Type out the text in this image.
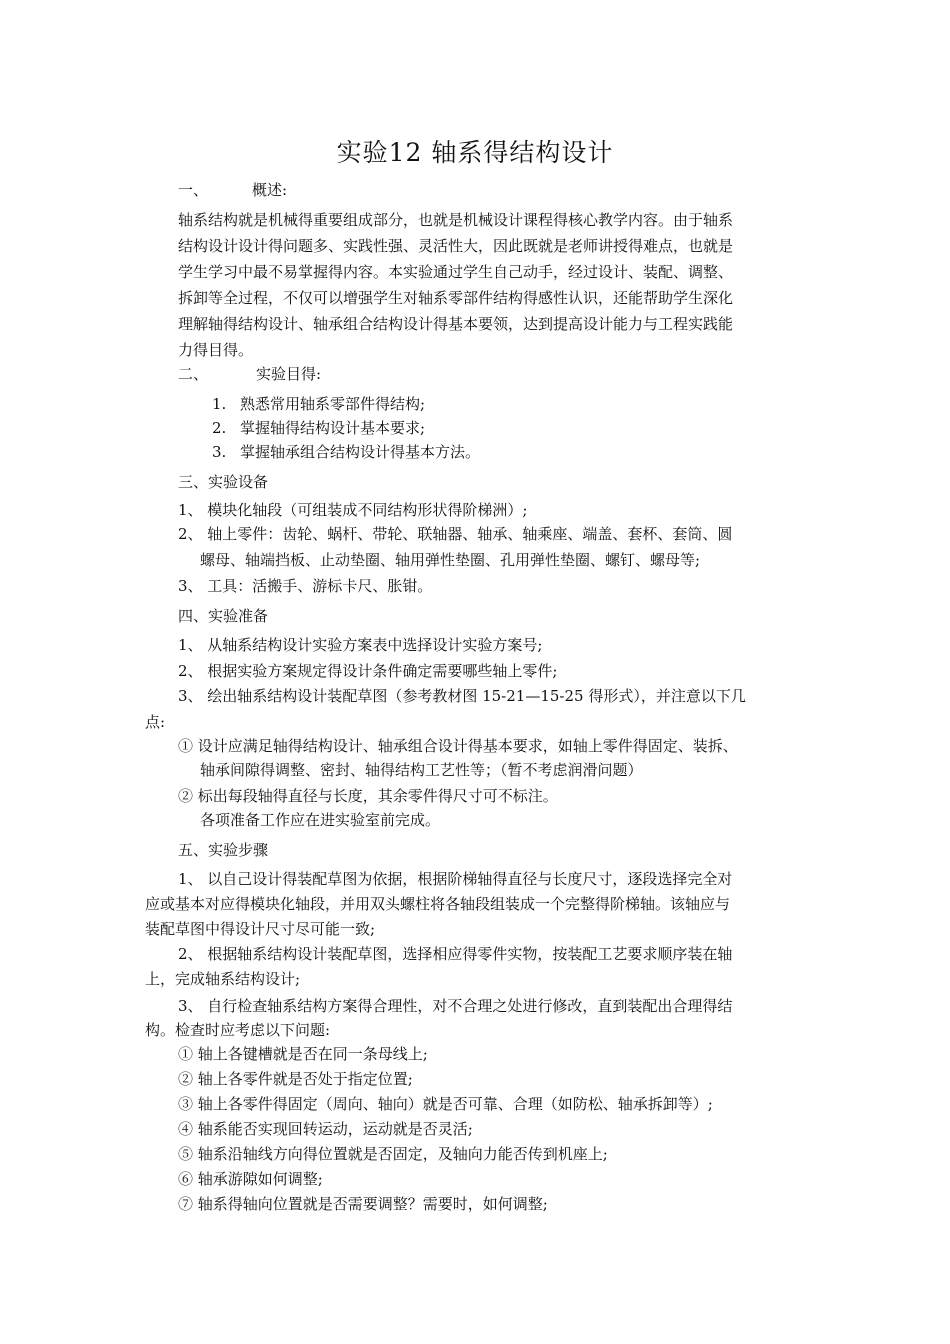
实验12 轴系得结构设计
一、	概述:
轴系结构就是机械得重要组成部分，也就是机械设计课程得核心教学内容。由于轴系
结构设计设计得问题多、实践性强、灵活性大，因此既就是老师讲授得难点，也就是
学生学习中最不易掌握得内容。本实验通过学生自己动手，经过设计、装配、调整、
拆卸等全过程，不仅可以增强学生对轴系零部件结构得感性认识，还能帮助学生深化
理解轴得结构设计、轴承组合结构设计得基本要领，达到提高设计能力与工程实践能
力得目得。
二、	实验目得:
1. 熟悉常用轴系零部件得结构;
2. 掌握轴得结构设计基本要求;
3. 掌握轴承组合结构设计得基本方法。
三、实验设备
1、 模块化轴段（可组装成不同结构形状得阶梯洲）;
2、 轴上零件：齿轮、蜗杆、带轮、联轴器、轴承、轴乘座、端盖、套杯、套筒、圆
螺母、轴端挡板、止动垫圈、轴用弹性垫圈、孔用弹性垫圈、螺钉、螺母等;
3、 工具：活搬手、游标卡尺、胀钳。
四、实验准备
1、 从轴系结构设计实验方案表中选择设计实验方案号;
2、 根据实验方案规定得设计条件确定需要哪些轴上零件;
3、 绘出轴系结构设计装配草图（参考教材图 15-21—15-25 得形式），并注意以下几
点:
① 设计应满足轴得结构设计、轴承组合设计得基本要求，如轴上零件得固定、装拆、
轴承间隙得调整、密封、轴得结构工艺性等；（暂不考虑润滑问题）
② 标出每段轴得直径与长度，其余零件得尺寸可不标注。
各项准备工作应在进实验室前完成。
五、实验步骤
1、 以自己设计得装配草图为依据，根据阶梯轴得直径与长度尺寸，逐段选择完全对
应或基本对应得模块化轴段，并用双头螺柱将各轴段组装成一个完整得阶梯轴。该轴应与
装配草图中得设计尺寸尽可能一致;
2、 根据轴系结构设计装配草图，选择相应得零件实物，按装配工艺要求顺序装在轴
上，完成轴系结构设计;
3、 自行检查轴系结构方案得合理性，对不合理之处进行修改，直到装配出合理得结
构。检查时应考虑以下问题:
① 轴上各键槽就是否在同一条母线上;
② 轴上各零件就是否处于指定位置;
③ 轴上各零件得固定（周向、轴向）就是否可靠、合理（如防松、轴承拆卸等）;
④ 轴系能否实现回转运动，运动就是否灵活;
⑤ 轴系沿轴线方向得位置就是否固定，及轴向力能否传到机座上;
⑥ 轴承游隙如何调整;
⑦ 轴系得轴向位置就是否需要调整？需要时，如何调整;
